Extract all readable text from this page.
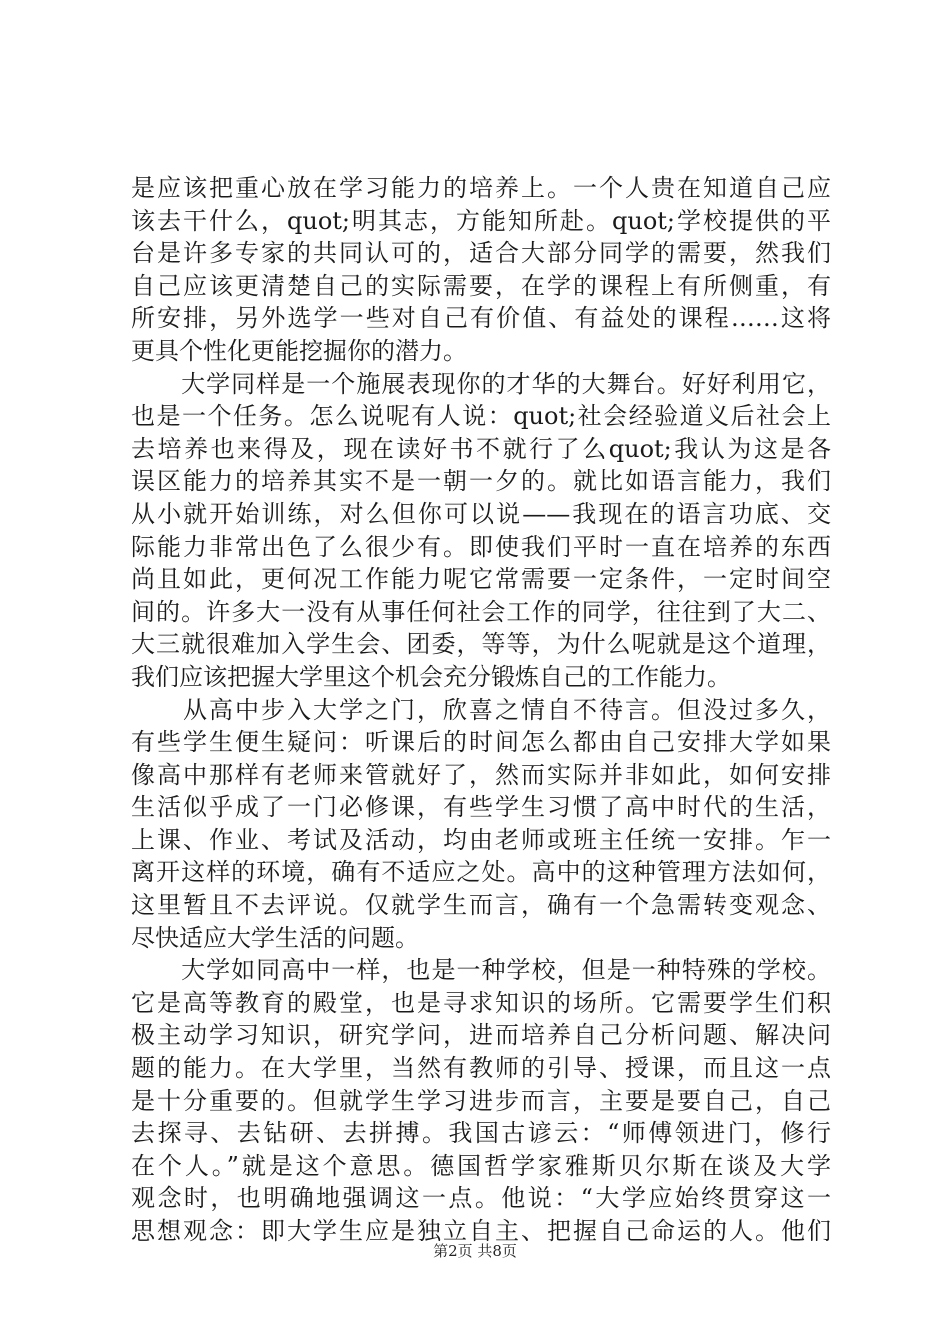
是应该把重心放在学习能力的培养上。一个人贵在知道自己应
该去干什么，quot;明其志，方能知所赴。quot;学校提供的平
台是许多专家的共同认可的，适合大部分同学的需要，然我们
自己应该更清楚自己的实际需要，在学的课程上有所侧重，有
所安排，另外选学一些对自己有价值、有益处的课程……这将
更具个性化更能挖掘你的潜力。
　　大学同样是一个施展表现你的才华的大舞台。好好利用它，
也是一个任务。怎么说呢有人说：quot;社会经验道义后社会上
去培养也来得及，现在读好书不就行了么quot;我认为这是各
误区能力的培养其实不是一朝一夕的。就比如语言能力，我们
从小就开始训练，对么但你可以说——我现在的语言功底、交
际能力非常出色了么很少有。即使我们平时一直在培养的东西
尚且如此，更何况工作能力呢它常需要一定条件，一定时间空
间的。许多大一没有从事任何社会工作的同学，往往到了大二、
大三就很难加入学生会、团委，等等，为什么呢就是这个道理，
我们应该把握大学里这个机会充分锻炼自己的工作能力。
　　从高中步入大学之门，欣喜之情自不待言。但没过多久，
有些学生便生疑问：听课后的时间怎么都由自己安排大学如果
像高中那样有老师来管就好了，然而实际并非如此，如何安排
生活似乎成了一门必修课，有些学生习惯了高中时代的生活，
上课、作业、考试及活动，均由老师或班主任统一安排。乍一
离开这样的环境，确有不适应之处。高中的这种管理方法如何，
这里暂且不去评说。仅就学生而言，确有一个急需转变观念、
尽快适应大学生活的问题。
　　大学如同高中一样，也是一种学校，但是一种特殊的学校。
它是高等教育的殿堂，也是寻求知识的场所。它需要学生们积
极主动学习知识，研究学问，进而培养自己分析问题、解决问
题的能力。在大学里，当然有教师的引导、授课，而且这一点
是十分重要的。但就学生学习进步而言，主要是要自己，自己
去探寻、去钻研、去拼搏。我国古谚云：“师傅领进门，修行
在个人。”就是这个意思。德国哲学家雅斯贝尔斯在谈及大学
观念时，也明确地强调这一点。他说：“大学应始终贯穿这一
思想观念：即大学生应是独立自主、把握自己命运的人。他们
第2页 共8页
